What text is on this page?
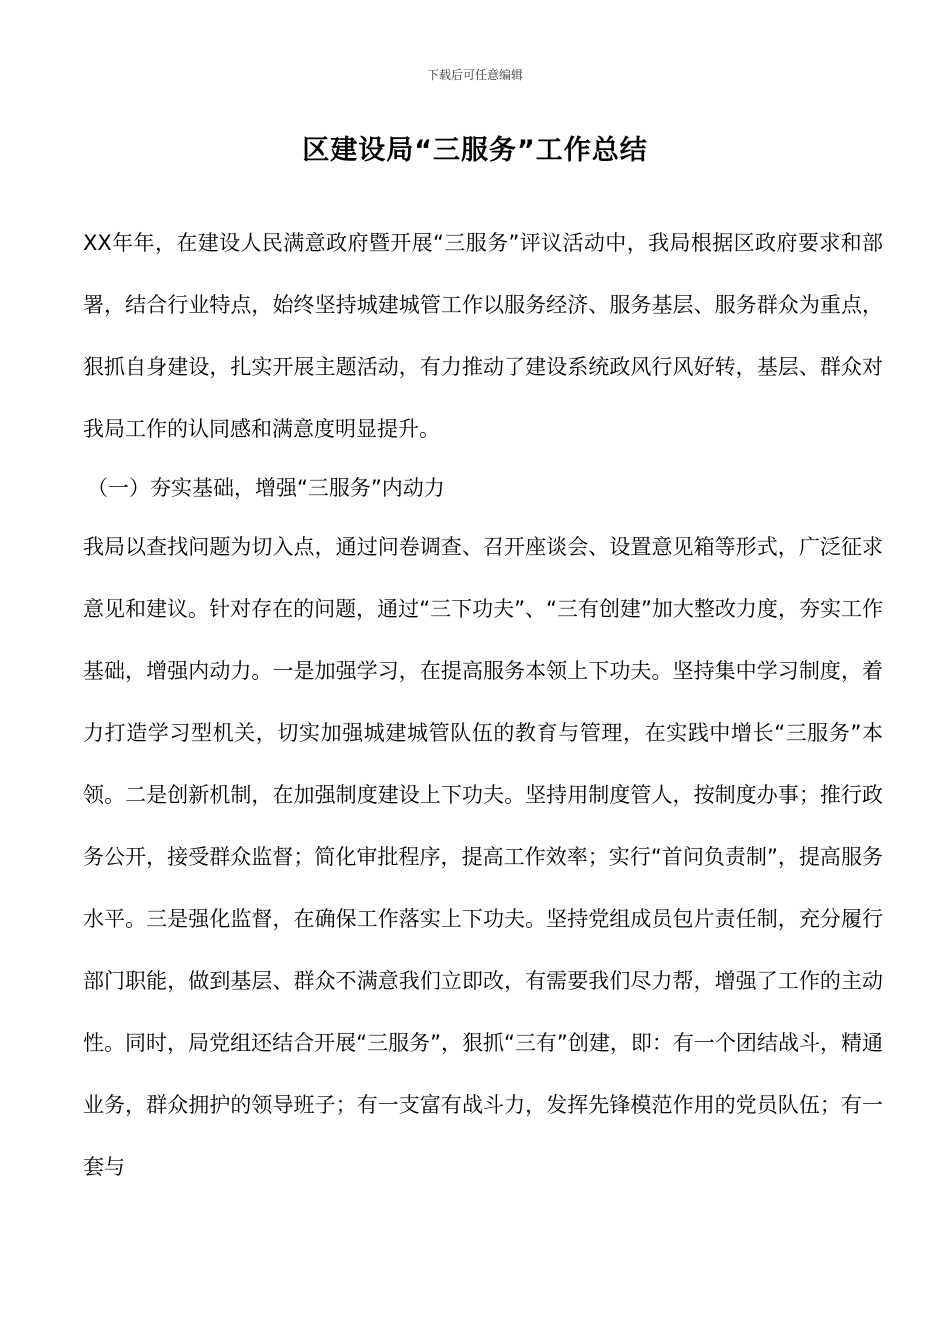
下载后可任意编辑
区建设局“三服务”工作总结

XX年年，在建设人民满意政府暨开展“三服务”评议活动中，我局根据区政府要求和部署，结合行业特点，始终坚持城建城管工作以服务经济、服务基层、服务群众为重点，狠抓自身建设，扎实开展主题活动，有力推动了建设系统政风行风好转，基层、群众对我局工作的认同感和满意度明显提升。

（一）夯实基础，增强“三服务”内动力

我局以查找问题为切入点，通过问卷调查、召开座谈会、设置意见箱等形式，广泛征求意见和建议。针对存在的问题，通过“三下功夫”、“三有创建”加大整改力度，夯实工作基础，增强内动力。一是加强学习，在提高服务本领上下功夫。坚持集中学习制度，着力打造学习型机关，切实加强城建城管队伍的教育与管理，在实践中增长“三服务”本领。二是创新机制，在加强制度建设上下功夫。坚持用制度管人，按制度办事；推行政务公开，接受群众监督；简化审批程序，提高工作效率；实行“首问负责制”，提高服务水平。三是强化监督，在确保工作落实上下功夫。坚持党组成员包片责任制，充分履行部门职能，做到基层、群众不满意我们立即改，有需要我们尽力帮，增强了工作的主动性。同时，局党组还结合开展“三服务”，狠抓“三有”创建，即：有一个团结战斗，精通业务，群众拥护的领导班子；有一支富有战斗力，发挥先锋模范作用的党员队伍；有一套与
